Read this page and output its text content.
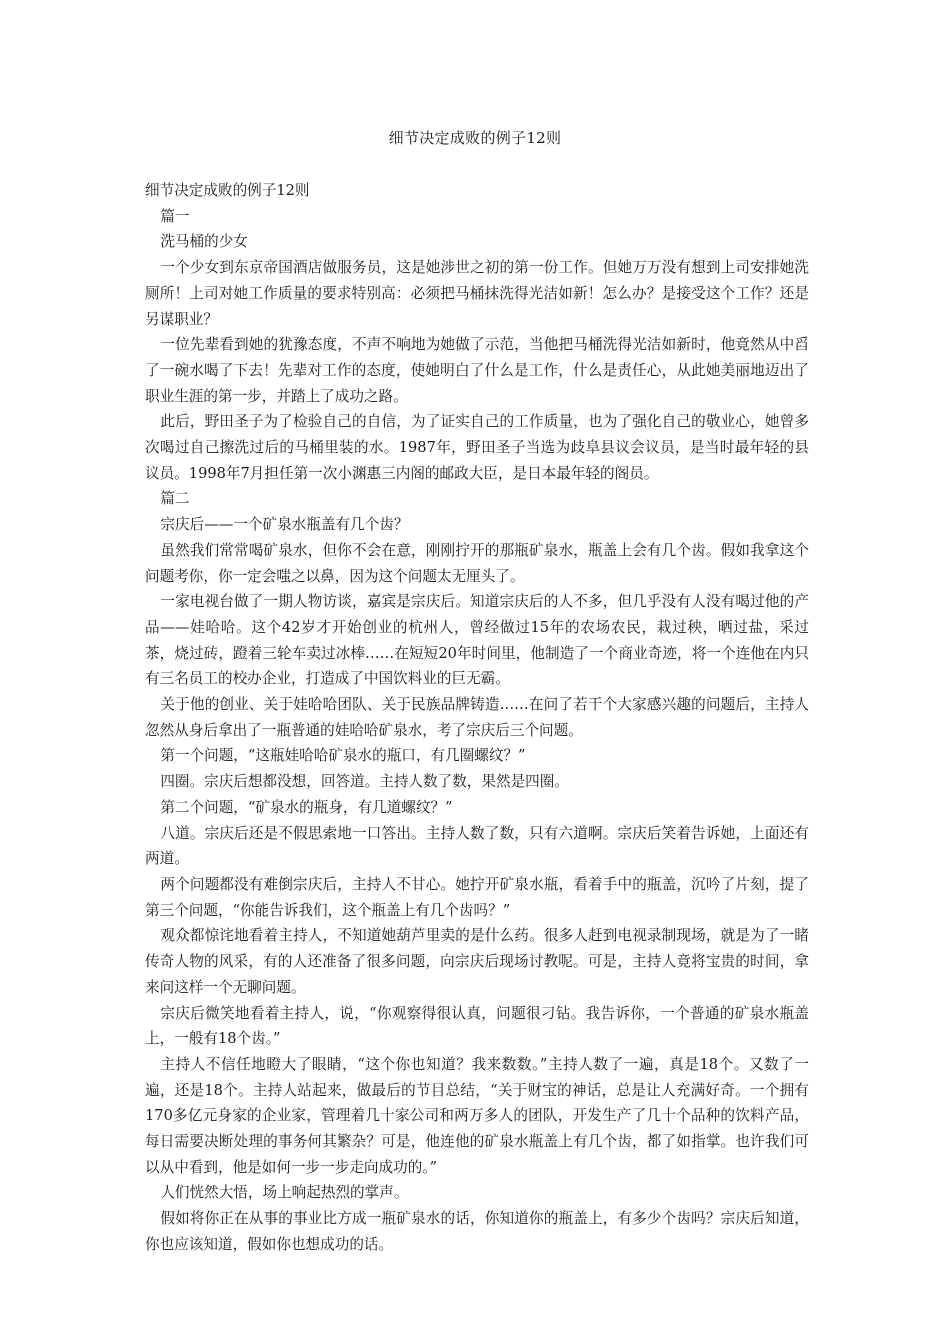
细节决定成败的例子12则

细节决定成败的例子12则

篇一

洗马桶的少女

一个少女到东京帝国酒店做服务员，这是她涉世之初的第一份工作。但她万万没有想到上司安排她洗厕所！上司对她工作质量的要求特别高：必须把马桶抹洗得光洁如新！怎么办？是接受这个工作？还是另谋职业？

一位先辈看到她的犹豫态度，不声不响地为她做了示范，当他把马桶洗得光洁如新时，他竟然从中舀了一碗水喝了下去！先辈对工作的态度，使她明白了什么是工作，什么是责任心，从此她美丽地迈出了职业生涯的第一步，并踏上了成功之路。

此后，野田圣子为了检验自己的自信，为了证实自己的工作质量，也为了强化自己的敬业心，她曾多次喝过自己擦洗过后的马桶里装的水。1987年，野田圣子当选为歧阜县议会议员，是当时最年轻的县议员。1998年7月担任第一次小渊惠三内阁的邮政大臣，是日本最年轻的阁员。

篇二

宗庆后——一个矿泉水瓶盖有几个齿？

虽然我们常常喝矿泉水，但你不会在意，刚刚拧开的那瓶矿泉水，瓶盖上会有几个齿。假如我拿这个问题考你，你一定会嗤之以鼻，因为这个问题太无厘头了。

一家电视台做了一期人物访谈，嘉宾是宗庆后。知道宗庆后的人不多，但几乎没有人没有喝过他的产品——娃哈哈。这个42岁才开始创业的杭州人，曾经做过15年的农场农民，栽过秧，晒过盐，采过茶，烧过砖，蹬着三轮车卖过冰棒……在短短20年时间里，他制造了一个商业奇迹，将一个连他在内只有三名员工的校办企业，打造成了中国饮料业的巨无霸。

关于他的创业、关于娃哈哈团队、关于民族品牌铸造……在问了若干个大家感兴趣的问题后，主持人忽然从身后拿出了一瓶普通的娃哈哈矿泉水，考了宗庆后三个问题。

第一个问题，“这瓶娃哈哈矿泉水的瓶口，有几圈螺纹？”

四圈。宗庆后想都没想，回答道。主持人数了数，果然是四圈。

第二个问题，“矿泉水的瓶身，有几道螺纹？”

八道。宗庆后还是不假思索地一口答出。主持人数了数，只有六道啊。宗庆后笑着告诉她，上面还有两道。

两个问题都没有难倒宗庆后，主持人不甘心。她拧开矿泉水瓶，看着手中的瓶盖，沉吟了片刻，提了第三个问题，“你能告诉我们，这个瓶盖上有几个齿吗？”

观众都惊诧地看着主持人，不知道她葫芦里卖的是什么药。很多人赶到电视录制现场，就是为了一睹传奇人物的风采，有的人还准备了很多问题，向宗庆后现场讨教呢。可是，主持人竟将宝贵的时间，拿来问这样一个无聊问题。

宗庆后微笑地看着主持人，说，“你观察得很认真，问题很刁钻。我告诉你，一个普通的矿泉水瓶盖上，一般有18个齿。”

主持人不信任地瞪大了眼睛，“这个你也知道？我来数数。”主持人数了一遍，真是18个。又数了一遍，还是18个。主持人站起来，做最后的节目总结，“关于财宝的神话，总是让人充满好奇。一个拥有170多亿元身家的企业家，管理着几十家公司和两万多人的团队，开发生产了几十个品种的饮料产品，每日需要决断处理的事务何其繁杂？可是，他连他的矿泉水瓶盖上有几个齿，都了如指掌。也许我们可以从中看到，他是如何一步一步走向成功的。”

人们恍然大悟，场上响起热烈的掌声。

假如将你正在从事的事业比方成一瓶矿泉水的话，你知道你的瓶盖上，有多少个齿吗？宗庆后知道，你也应该知道，假如你也想成功的话。
